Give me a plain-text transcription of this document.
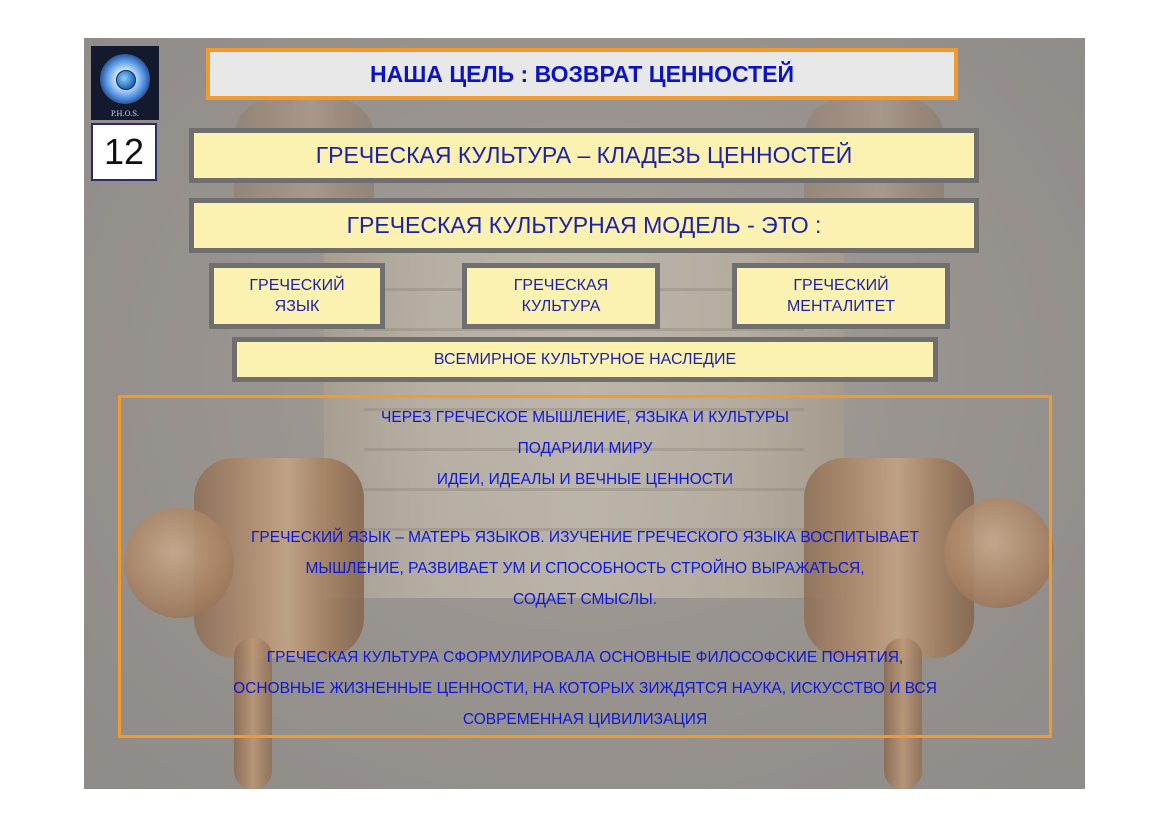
P.H.O.S.
12
НАША ЦЕЛЬ : ВОЗВРАТ ЦЕННОСТЕЙ
ГРЕЧЕСКАЯ КУЛЬТУРА – КЛАДЕЗЬ ЦЕННОСТЕЙ
ГРЕЧЕСКАЯ КУЛЬТУРНАЯ МОДЕЛЬ - ЭТО :
ГРЕЧЕСКИЙ
ЯЗЫК
ГРЕЧЕСКАЯ
КУЛЬТУРА
ГРЕЧЕСКИЙ
МЕНТАЛИТЕТ
ВСЕМИРНОЕ КУЛЬТУРНОЕ НАСЛЕДИЕ
ЧЕРЕЗ ГРЕЧЕСКОЕ МЫШЛЕНИЕ, ЯЗЫКА И КУЛЬТУРЫ
ПОДАРИЛИ МИРУ
ИДЕИ, ИДЕАЛЫ И ВЕЧНЫЕ ЦЕННОСТИ
ГРЕЧЕСКИЙ ЯЗЫК – МАТЕРЬ ЯЗЫКОВ. ИЗУЧЕНИЕ ГРЕЧЕСКОГО ЯЗЫКА ВОСПИТЫВАЕТ
МЫШЛЕНИЕ, РАЗВИВАЕТ УМ И СПОСОБНОСТЬ СТРОЙНО ВЫРАЖАТЬСЯ,
СОДАЕТ СМЫСЛЫ.
ГРЕЧЕСКАЯ КУЛЬТУРА СФОРМУЛИРОВАЛА ОСНОВНЫЕ ФИЛОСОФСКИЕ ПОНЯТИЯ,
ОСНОВНЫЕ ЖИЗНЕННЫЕ ЦЕННОСТИ, НА КОТОРЫХ ЗИЖДЯТСЯ НАУКА, ИСКУССТВО И ВСЯ
СОВРЕМЕННАЯ ЦИВИЛИЗАЦИЯ
